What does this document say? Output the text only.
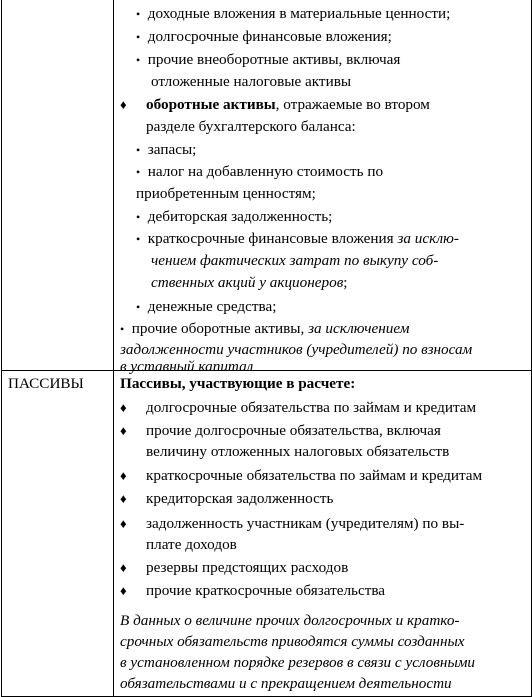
ПАССИВЫ
• доходные вложения в материальные ценности;
• долгосрочные финансовые вложения;
• прочие внеоборотные активы, включая
отложенные налоговые активы
♦ оборотные активы, отражаемые во втором
разделе бухгалтерского баланса:
• запасы;
• налог на добавленную стоимость по
приобретенным ценностям;
• дебиторская задолженность;
• краткосрочные финансовые вложения за исклю-
чением фактических затрат по выкупу соб-
ственных акций у акционеров;
• денежные средства;
• прочие оборотные активы, за исключением
задолженности участников (учредителей) по взносам
в уставный капитал
Пассивы, участвующие в расчете:
♦ долгосрочные обязательства по займам и кредитам
♦ прочие долгосрочные обязательства, включая
величину отложенных налоговых обязательств
♦ краткосрочные обязательства по займам и кредитам
♦ кредиторская задолженность
♦ задолженность участникам (учредителям) по вы-
плате доходов
♦ резервы предстоящих расходов
♦ прочие краткосрочные обязательства
В данных о величине прочих долгосрочных и кратко-
срочных обязательств приводятся суммы созданных
в установленном порядке резервов в связи с условными
обязательствами и с прекращением деятельности
